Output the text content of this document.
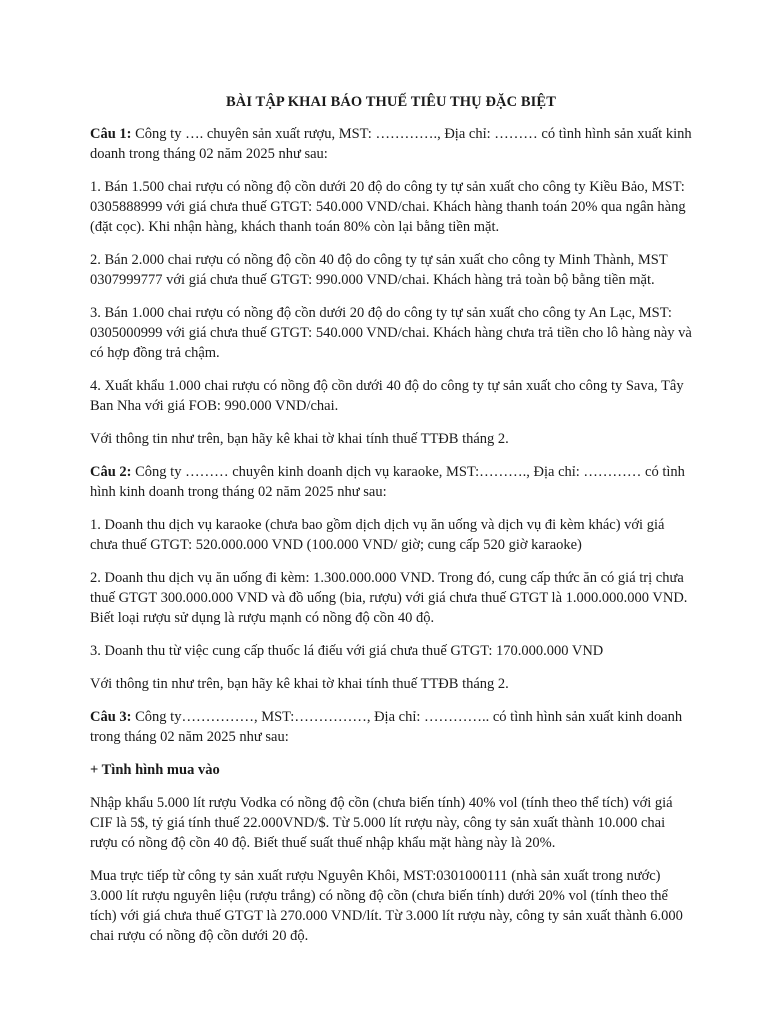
BÀI TẬP KHAI BÁO THUẾ TIÊU THỤ ĐẶC BIỆT

Câu 1: Công ty …. chuyên sản xuất rượu, MST: …………., Địa chỉ: ……… có tình hình sản xuất kinh doanh trong tháng 02 năm 2025 như sau:

1. Bán 1.500 chai rượu có nồng độ cồn dưới 20 độ do công ty tự sản xuất cho công ty Kiều Bảo, MST: 0305888999 với giá chưa thuế GTGT: 540.000 VND/chai. Khách hàng thanh toán 20% qua ngân hàng (đặt cọc). Khi nhận hàng, khách thanh toán 80% còn lại bằng tiền mặt.

2. Bán 2.000 chai rượu có nồng độ cồn 40 độ do công ty tự sản xuất cho công ty Minh Thành, MST 0307999777 với giá chưa thuế GTGT: 990.000 VND/chai. Khách hàng trả toàn bộ bằng tiền mặt.

3. Bán 1.000 chai rượu có nồng độ cồn dưới 20 độ do công ty tự sản xuất cho công ty An Lạc, MST: 0305000999 với giá chưa thuế GTGT: 540.000 VND/chai. Khách hàng chưa trả tiền cho lô hàng này và có hợp đồng trả chậm.

4. Xuất khẩu 1.000 chai rượu có nồng độ cồn dưới 40 độ do công ty tự sản xuất cho công ty Sava, Tây Ban Nha với giá FOB: 990.000 VND/chai.

Với thông tin như trên, bạn hãy kê khai tờ khai tính thuế TTĐB tháng 2.

Câu 2: Công ty ……… chuyên kinh doanh dịch vụ karaoke, MST:………., Địa chỉ: ………… có tình hình kinh doanh trong tháng 02 năm 2025 như sau:

1. Doanh thu dịch vụ karaoke (chưa bao gồm dịch dịch vụ ăn uống và dịch vụ đi kèm khác) với giá chưa thuế GTGT: 520.000.000 VND (100.000 VND/ giờ; cung cấp 520 giờ karaoke)

2. Doanh thu dịch vụ ăn uống đi kèm: 1.300.000.000 VND. Trong đó, cung cấp thức ăn có giá trị chưa thuế GTGT 300.000.000 VND và đồ uống (bia, rượu) với giá chưa thuế GTGT là 1.000.000.000 VND. Biết loại rượu sử dụng là rượu mạnh có nồng độ cồn 40 độ.

3. Doanh thu từ việc cung cấp thuốc lá điếu với giá chưa thuế GTGT: 170.000.000 VND

Với thông tin như trên, bạn hãy kê khai tờ khai tính thuế TTĐB tháng 2.

Câu 3: Công ty……………, MST:……………, Địa chỉ: ………….. có tình hình sản xuất kinh doanh trong tháng 02 năm 2025 như sau:

+ Tình hình mua vào

Nhập khẩu 5.000 lít rượu Vodka có nồng độ cồn (chưa biến tính) 40% vol (tính theo thể tích) với giá CIF là 5$, tỷ giá tính thuế 22.000VND/$. Từ 5.000 lít rượu này, công ty sản xuất thành 10.000 chai rượu có nồng độ cồn 40 độ. Biết thuế suất thuế nhập khẩu mặt hàng này là 20%.

Mua trực tiếp từ công ty sản xuất rượu Nguyên Khôi, MST:0301000111 (nhà sản xuất trong nước) 3.000 lít rượu nguyên liệu (rượu trắng) có nồng độ cồn (chưa biến tính) dưới 20% vol (tính theo thể tích) với giá chưa thuế GTGT là 270.000 VND/lít. Từ 3.000 lít rượu này, công ty sản xuất thành 6.000 chai rượu có nồng độ cồn dưới 20 độ.
